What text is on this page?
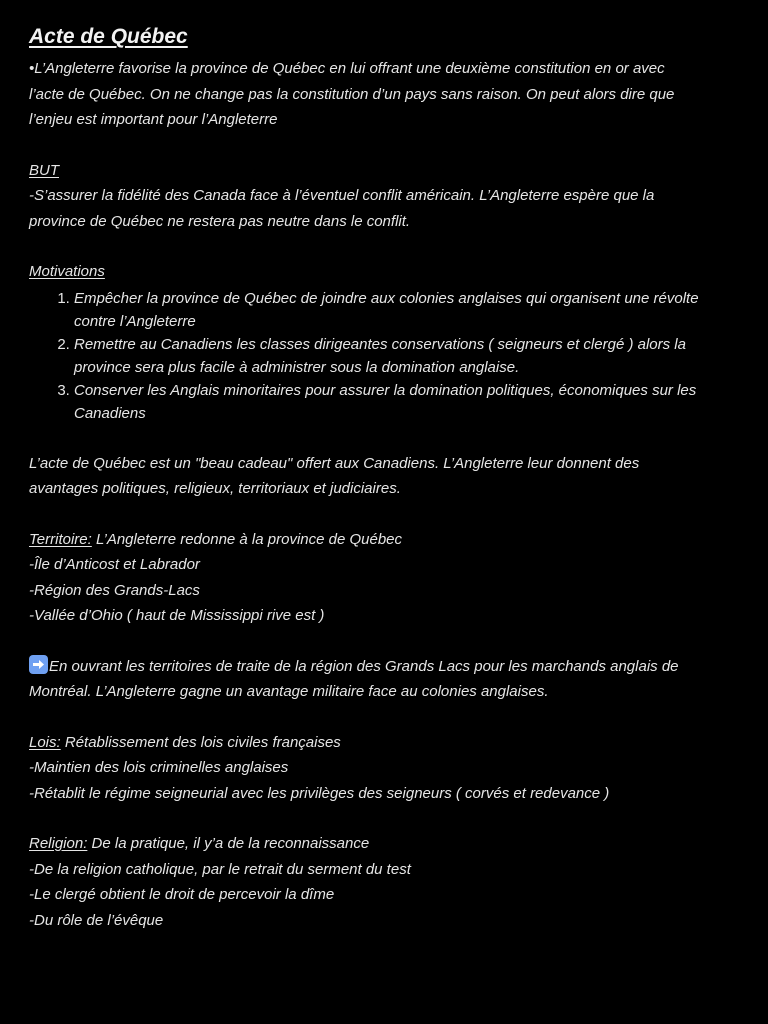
Acte de Québec

•L’Angleterre favorise la province de Québec en lui offrant une deuxième constitution en or avec

l’acte de Québec. On ne change pas la constitution d’un pays sans raison. On peut alors dire que

l’enjeu est important pour l’Angleterre

BUT

-S’assurer la fidélité des Canada face à l’éventuel conflit américain. L’Angleterre espère que la

province de Québec ne restera pas neutre dans le conflit.

Motivations

1. Empêcher la province de Québec de joindre aux colonies anglaises qui organisent une révolte contre l’Angleterre
2. Remettre au Canadiens les classes dirigeantes conservations ( seigneurs et clergé ) alors la province sera plus facile à administrer sous la domination anglaise.
3. Conserver les Anglais minoritaires pour assurer la domination politiques, économiques sur les Canadiens

L’acte de Québec est un "beau cadeau" offert aux Canadiens. L’Angleterre leur donnent des

avantages politiques, religieux, territoriaux et judiciaires.

Territoire: L’Angleterre redonne à la province de Québec

-Île d’Anticost et Labrador

-Région des Grands-Lacs

-Vallée d’Ohio ( haut de Mississippi rive est )

En ouvrant les territoires de traite de la région des Grands Lacs pour les marchands anglais de

Montréal. L’Angleterre gagne un avantage militaire face au colonies anglaises.

Lois: Rétablissement des lois civiles françaises

-Maintien des lois criminelles anglaises

-Rétablit le régime seigneurial avec les privilèges des seigneurs ( corvés et redevance )

Religion: De la pratique, il y’a de la reconnaissance

-De la religion catholique, par le retrait du serment du test

-Le clergé obtient le droit de percevoir la dîme

-Du rôle de l’évêque
